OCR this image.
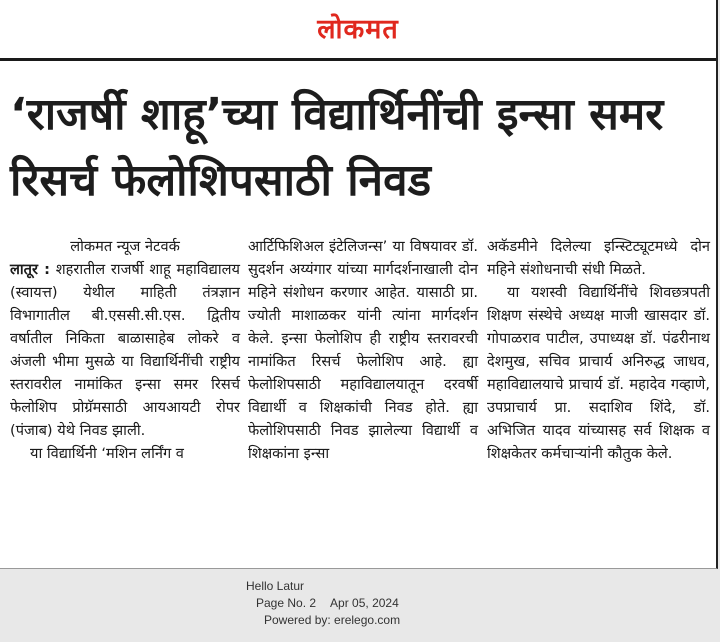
लोकमत
‘राजर्षी शाहू’च्या विद्यार्थिनींची इन्सा समर रिसर्च फेलोशिपसाठी निवड

लोकमत न्यूज नेटवर्क

लातूर : शहरातील राजर्षी शाहू महाविद्यालय (स्वायत्त) येथील माहिती तंत्रज्ञान विभागातील बी.एससी.सी.एस. द्वितीय वर्षातील निकिता बाळासाहेब लोकरे व अंजली भीमा मुसळे या विद्यार्थिनींची राष्ट्रीय स्तरावरील नामांकित इन्सा समर रिसर्च फेलोशिप प्रोग्रॅमसाठी आयआयटी रोपर (पंजाब) येथे निवड झाली.

या विद्यार्थिनी ‘मशिन लर्निंग व

आर्टिफिशिअल इंटेलिजन्स’ या विषयावर डॉ. सुदर्शन अय्यंगार यांच्या मार्गदर्शनाखाली दोन महिने संशोधन करणार आहेत. यासाठी प्रा. ज्योती माशाळकर यांनी त्यांना मार्गदर्शन केले. इन्सा फेलोशिप ही राष्ट्रीय स्तरावरची नामांकित रिसर्च फेलोशिप आहे. ह्या फेलोशिपसाठी महाविद्यालयातून दरवर्षी विद्यार्थी व शिक्षकांची निवड होते. ह्या फेलोशिपसाठी निवड झालेल्या विद्यार्थी व शिक्षकांना इन्सा

अकॅडमीने दिलेल्या इन्स्टिट्यूटमध्ये दोन महिने संशोधनाची संधी मिळते.

या यशस्वी विद्यार्थिनींचे शिवछत्रपती शिक्षण संस्थेचे अध्यक्ष माजी खासदार डॉ. गोपाळराव पाटील, उपाध्यक्ष डॉ. पंढरीनाथ देशमुख, सचिव प्राचार्य अनिरुद्ध जाधव, महाविद्यालयाचे प्राचार्य डॉ. महादेव गव्हाणे, उपप्राचार्य प्रा. सदाशिव शिंदे, डॉ. अभिजित यादव यांच्यासह सर्व शिक्षक व शिक्षकेतर कर्मचाऱ्यांनी कौतुक केले.

Hello Latur
Page No. 2 Apr 05, 2024
Powered by: erelego.com
